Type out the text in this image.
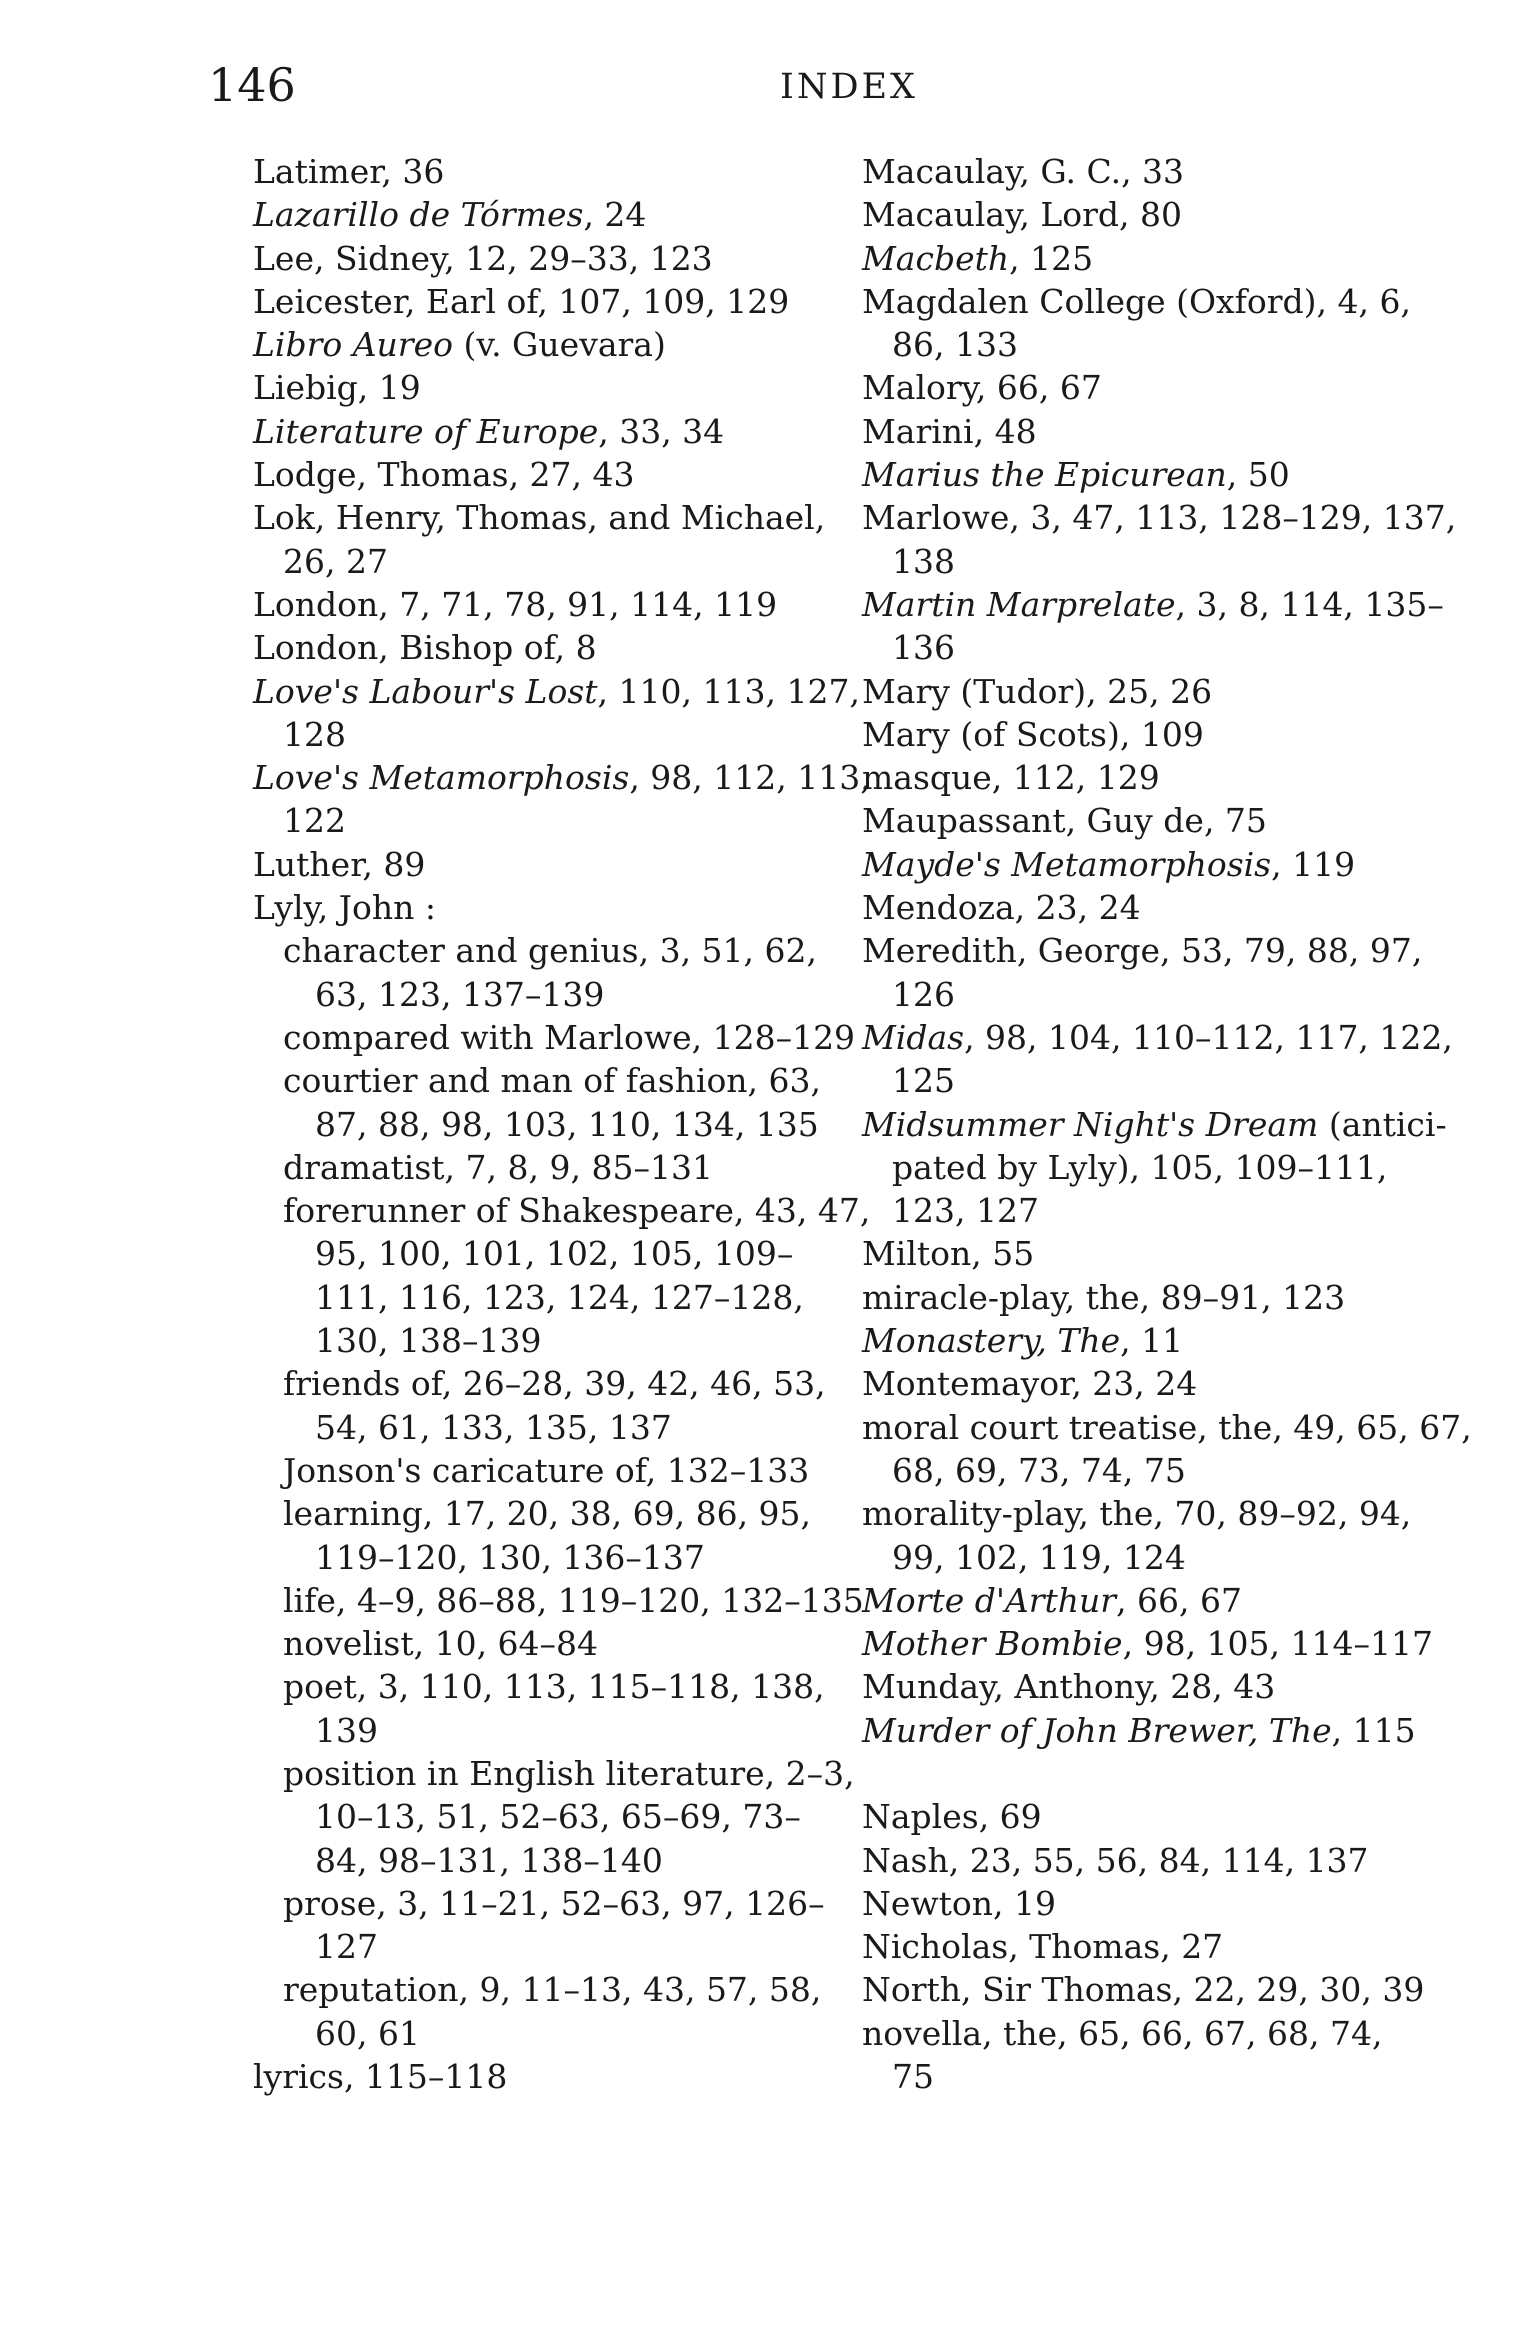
146	INDEX
Latimer, 36
Lazarillo de Tórmes, 24
Lee, Sidney, 12, 29–33, 123
Leicester, Earl of, 107, 109, 129
Libro Aureo (v. Guevara)
Liebig, 19
Literature of Europe, 33, 34
Lodge, Thomas, 27, 43
Lok, Henry, Thomas, and Michael,
26, 27
London, 7, 71, 78, 91, 114, 119
London, Bishop of, 8
Love's Labour's Lost, 110, 113, 127,
128
Love's Metamorphosis, 98, 112, 113,
122
Luther, 89
Lyly, John :
character and genius, 3, 51, 62,
63, 123, 137–139
compared with Marlowe, 128–129
courtier and man of fashion, 63,
87, 88, 98, 103, 110, 134, 135
dramatist, 7, 8, 9, 85–131
forerunner of Shakespeare, 43, 47,
95, 100, 101, 102, 105, 109–
111, 116, 123, 124, 127–128,
130, 138–139
friends of, 26–28, 39, 42, 46, 53,
54, 61, 133, 135, 137
Jonson's caricature of, 132–133
learning, 17, 20, 38, 69, 86, 95,
119–120, 130, 136–137
life, 4–9, 86–88, 119–120, 132–135
novelist, 10, 64–84
poet, 3, 110, 113, 115–118, 138,
139
position in English literature, 2–3,
10–13, 51, 52–63, 65–69, 73–
84, 98–131, 138–140
prose, 3, 11–21, 52–63, 97, 126–
127
reputation, 9, 11–13, 43, 57, 58,
60, 61
lyrics, 115–118
Macaulay, G. C., 33
Macaulay, Lord, 80
Macbeth, 125
Magdalen College (Oxford), 4, 6,
86, 133
Malory, 66, 67
Marini, 48
Marius the Epicurean, 50
Marlowe, 3, 47, 113, 128–129, 137,
138
Martin Marprelate, 3, 8, 114, 135–
136
Mary (Tudor), 25, 26
Mary (of Scots), 109
masque, 112, 129
Maupassant, Guy de, 75
Mayde's Metamorphosis, 119
Mendoza, 23, 24
Meredith, George, 53, 79, 88, 97,
126
Midas, 98, 104, 110–112, 117, 122,
125
Midsummer Night's Dream (antici-
pated by Lyly), 105, 109–111,
123, 127
Milton, 55
miracle-play, the, 89–91, 123
Monastery, The, 11
Montemayor, 23, 24
moral court treatise, the, 49, 65, 67,
68, 69, 73, 74, 75
morality-play, the, 70, 89–92, 94,
99, 102, 119, 124
Morte d'Arthur, 66, 67
Mother Bombie, 98, 105, 114–117
Munday, Anthony, 28, 43
Murder of John Brewer, The, 115
Naples, 69
Nash, 23, 55, 56, 84, 114, 137
Newton, 19
Nicholas, Thomas, 27
North, Sir Thomas, 22, 29, 30, 39
novella, the, 65, 66, 67, 68, 74,
75
